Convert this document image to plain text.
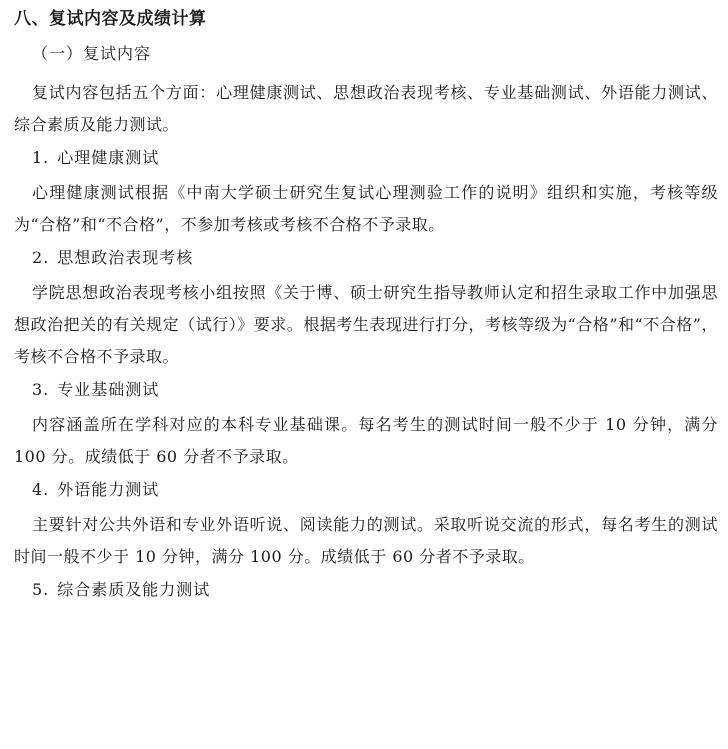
八、复试内容及成绩计算
（一）复试内容

复试内容包括五个方面：心理健康测试、思想政治表现考核、专业基础测试、外语能力测试、综合素质及能力测试。

1. 心理健康测试

心理健康测试根据《中南大学硕士研究生复试心理测验工作的说明》组织和实施，考核等级为“合格”和“不合格”，不参加考核或考核不合格不予录取。

2. 思想政治表现考核

学院思想政治表现考核小组按照《关于博、硕士研究生指导教师认定和招生录取工作中加强思想政治把关的有关规定（试行）》要求。根据考生表现进行打分，考核等级为“合格”和“不合格”，考核不合格不予录取。

3. 专业基础测试

内容涵盖所在学科对应的本科专业基础课。每名考生的测试时间一般不少于 10 分钟，满分 100 分。成绩低于 60 分者不予录取。

4. 外语能力测试

主要针对公共外语和专业外语听说、阅读能力的测试。采取听说交流的形式，每名考生的测试时间一般不少于 10 分钟，满分 100 分。成绩低于 60 分者不予录取。

5. 综合素质及能力测试
